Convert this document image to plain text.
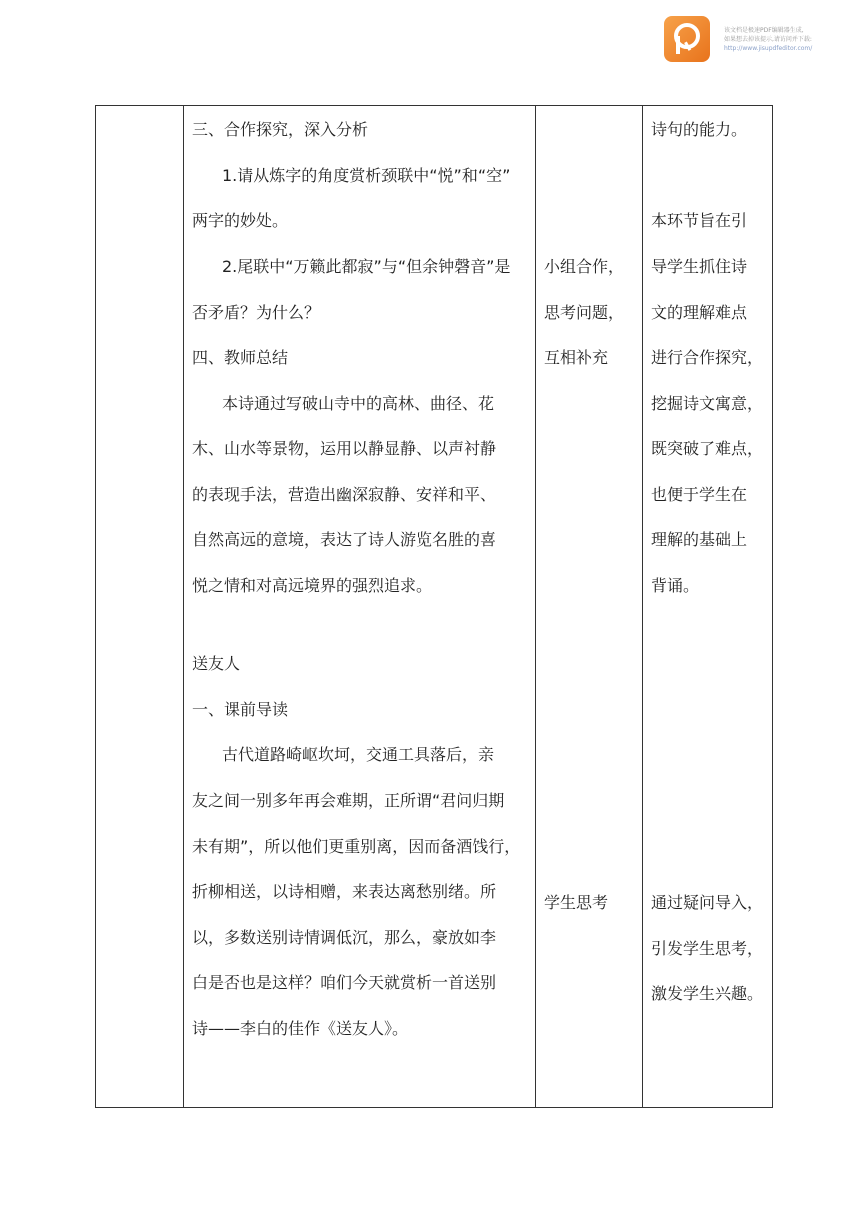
该文档是极速PDF编辑器生成,
如果想去掉该提示,请访问并下载:
http://www.jisupdfeditor.com/
三、合作探究，深入分析
1.请从炼字的角度赏析颈联中“悦”和“空”
两字的妙处。
2.尾联中“万籁此都寂”与“但余钟磬音”是
否矛盾？为什么？
四、教师总结
本诗通过写破山寺中的高林、曲径、花
木、山水等景物，运用以静显静、以声衬静
的表现手法，营造出幽深寂静、安祥和平、
自然高远的意境，表达了诗人游览名胜的喜
悦之情和对高远境界的强烈追求。
送友人
一、课前导读
古代道路崎岖坎坷，交通工具落后，亲
友之间一别多年再会难期，正所谓“君问归期
未有期”，所以他们更重别离，因而备酒饯行，
折柳相送，以诗相赠，来表达离愁别绪。所
以，多数送别诗情调低沉，那么，豪放如李
白是否也是这样？咱们今天就赏析一首送别
诗——李白的佳作《送友人》。
小组合作，
思考问题，
互相补充
学生思考
诗句的能力。
本环节旨在引
导学生抓住诗
文的理解难点
进行合作探究，
挖掘诗文寓意，
既突破了难点，
也便于学生在
理解的基础上
背诵。
通过疑问导入，
引发学生思考，
激发学生兴趣。
